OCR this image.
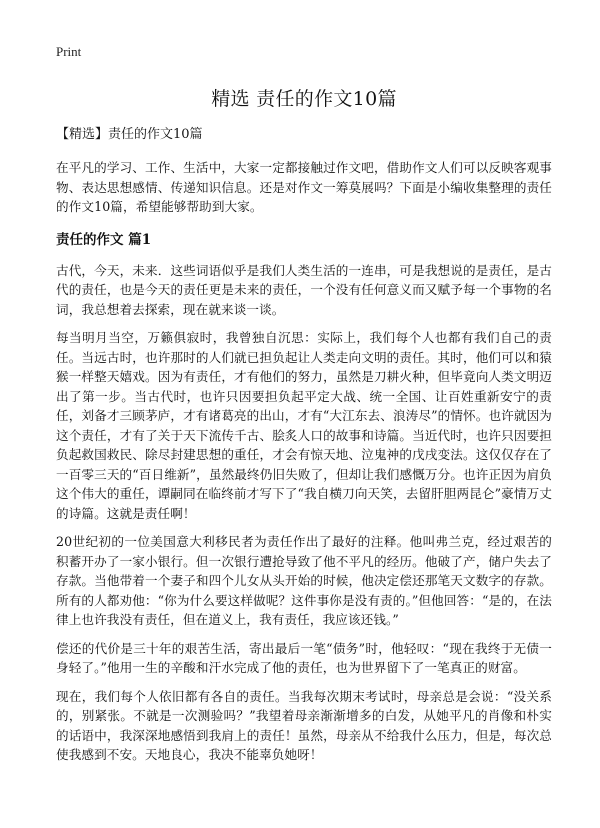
Print
精选 责任的作文10篇
【精选】责任的作文10篇

在平凡的学习、工作、生活中，大家一定都接触过作文吧，借助作文人们可以反映客观事物、表达思想感情、传递知识信息。还是对作文一筹莫展吗？下面是小编收集整理的责任的作文10篇，希望能够帮助到大家。

责任的作文 篇1

古代，今天，未来．这些词语似乎是我们人类生活的一连串，可是我想说的是责任，是古代的责任，也是今天的责任更是未来的责任，一个没有任何意义而又赋予每一个事物的名词，我总想着去探索，现在就来谈一谈。

每当明月当空，万籁俱寂时，我曾独自沉思：实际上，我们每个人也都有我们自己的责任。当远古时，也许那时的人们就已担负起让人类走向文明的责任。其时，他们可以和猿猴一样整天嬉戏。因为有责任，才有他们的努力，虽然是刀耕火种，但毕竟向人类文明迈出了第一步。当古代时，也许只因要担负起平定大战、统一全国、让百姓重新安宁的责任，刘备才三顾茅庐，才有诸葛亮的出山，才有“大江东去、浪涛尽”的情怀。也许就因为这个责任，才有了关于天下流传千古、脍炙人口的故事和诗篇。当近代时，也许只因要担负起救国救民、除尽封建思想的重任，才会有惊天地、泣鬼神的戊戌变法。这仅仅存在了一百零三天的“百日维新”，虽然最终仍旧失败了，但却让我们感慨万分。也许正因为肩负这个伟大的重任，谭嗣同在临终前才写下了“我自横刀向天笑，去留肝胆两昆仑”豪情万丈的诗篇。这就是责任啊！

20世纪初的一位美国意大利移民者为责任作出了最好的注释。他叫弗兰克，经过艰苦的积蓄开办了一家小银行。但一次银行遭抢导致了他不平凡的经历。他破了产，储户失去了存款。当他带着一个妻子和四个儿女从头开始的时候，他决定偿还那笔天文数字的存款。所有的人都劝他：“你为什么要这样做呢？这件事你是没有责的。”但他回答：“是的，在法律上也许我没有责任，但在道义上，我有责任，我应该还钱。”

偿还的代价是三十年的艰苦生活，寄出最后一笔“债务”时，他轻叹：“现在我终于无债一身轻了。”他用一生的辛酸和汗水完成了他的责任，也为世界留下了一笔真正的财富。

现在，我们每个人依旧都有各自的责任。当我每次期末考试时，母亲总是会说：“没关系的，别紧张。不就是一次测验吗？”我望着母亲渐渐增多的白发，从她平凡的肖像和朴实的话语中，我深深地感悟到我肩上的责任！虽然，母亲从不给我什么压力，但是，每次总使我感到不安。天地良心，我决不能辜负她呀！
